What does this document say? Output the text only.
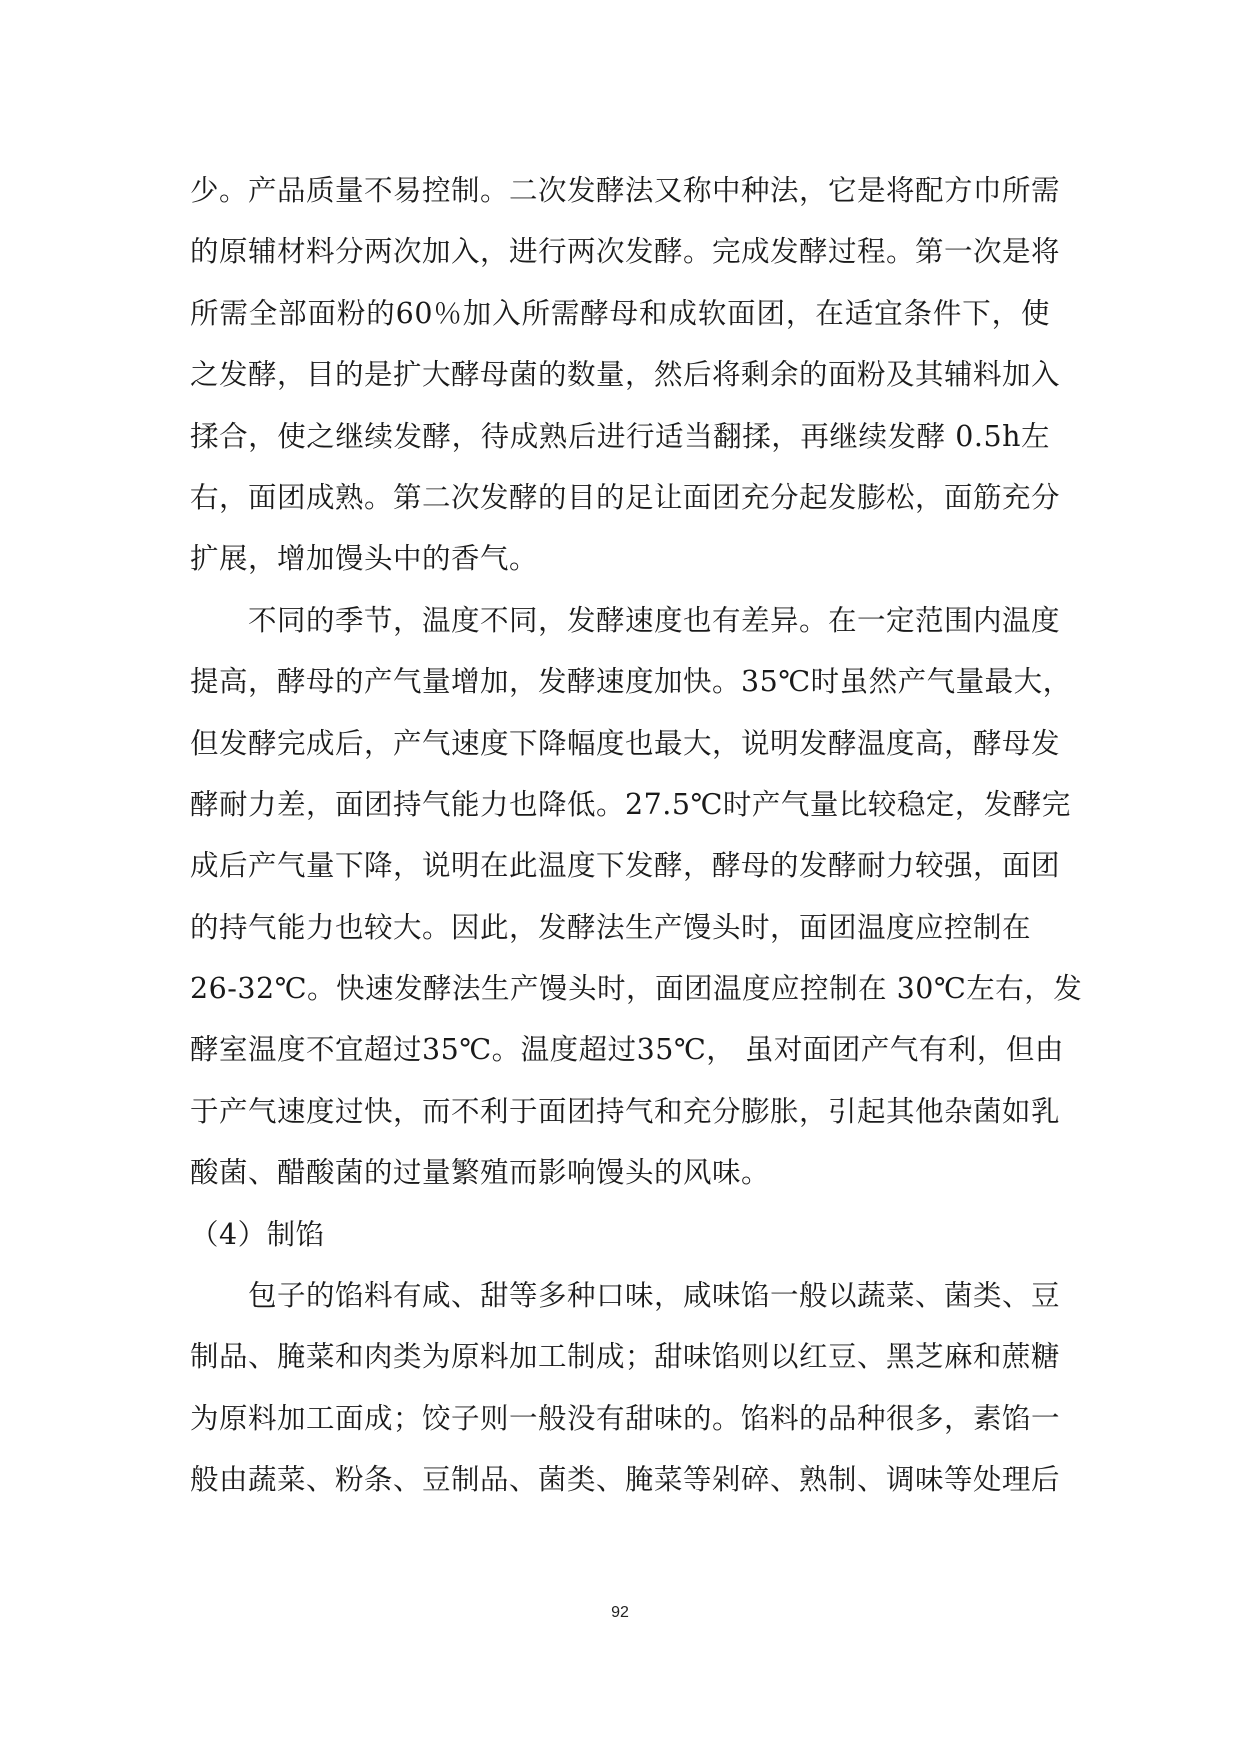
少。产品质量不易控制。二次发酵法又称中种法，它是将配方巾所需
的原辅材料分两次加入，进行两次发酵。完成发酵过程。第一次是将
所需全部面粉的60％加入所需酵母和成软面团，在适宜条件下，使
之发酵，目的是扩大酵母菌的数量，然后将剩余的面粉及其辅料加入
揉合，使之继续发酵，待成熟后进行适当翻揉，再继续发酵 0.5h左
右，面团成熟。第二次发酵的目的足让面团充分起发膨松，面筋充分
扩展，增加馒头中的香气。
　　不同的季节，温度不同，发酵速度也有差异。在一定范围内温度
提高，酵母的产气量增加，发酵速度加快。35℃时虽然产气量最大，
但发酵完成后，产气速度下降幅度也最大，说明发酵温度高，酵母发
酵耐力差，面团持气能力也降低。27.5℃时产气量比较稳定，发酵完
成后产气量下降，说明在此温度下发酵，酵母的发酵耐力较强，面团
的持气能力也较大。因此，发酵法生产馒头时，面团温度应控制在
26-32℃。快速发酵法生产馒头时，面团温度应控制在 30℃左右，发
酵室温度不宜超过35℃。温度超过35℃， 虽对面团产气有利，但由
于产气速度过快，而不利于面团持气和充分膨胀，引起其他杂菌如乳
酸菌、醋酸菌的过量繁殖而影响馒头的风味。
（4）制馅
　　包子的馅料有咸、甜等多种口味，咸味馅一般以蔬菜、菌类、豆
制品、腌菜和肉类为原料加工制成；甜味馅则以红豆、黑芝麻和蔗糖
为原料加工面成；饺子则一般没有甜味的。馅料的品种很多，素馅一
般由蔬菜、粉条、豆制品、菌类、腌菜等剁碎、熟制、调味等处理后
92
